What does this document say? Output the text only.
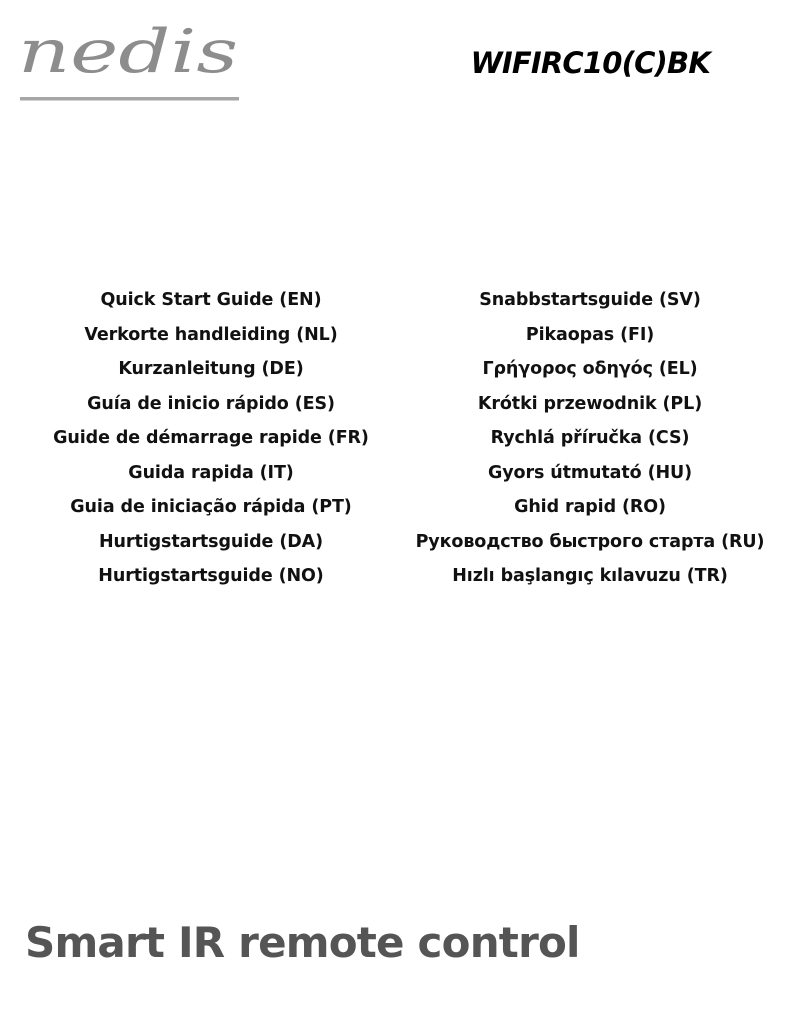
nedis	WIFIRC10(C)BK
Quick Start Guide (EN)	Snabbstartsguide (SV)
Verkorte handleiding (NL)	Pikaopas (FI)
Kurzanleitung (DE)	Γρήγορος οδηγός (EL)
Guía de inicio rápido (ES)	Krótki przewodnik (PL)
Guide de démarrage rapide (FR)	Rychlá příručka (CS)
Guida rapida (IT)	Gyors útmutató (HU)
Guia de iniciação rápida (PT)	Ghid rapid (RO)
Hurtigstartsguide (DA)	Руководство быстрого старта (RU)
Hurtigstartsguide (NO)	Hızlı başlangıç kılavuzu (TR)
Smart IR remote control
